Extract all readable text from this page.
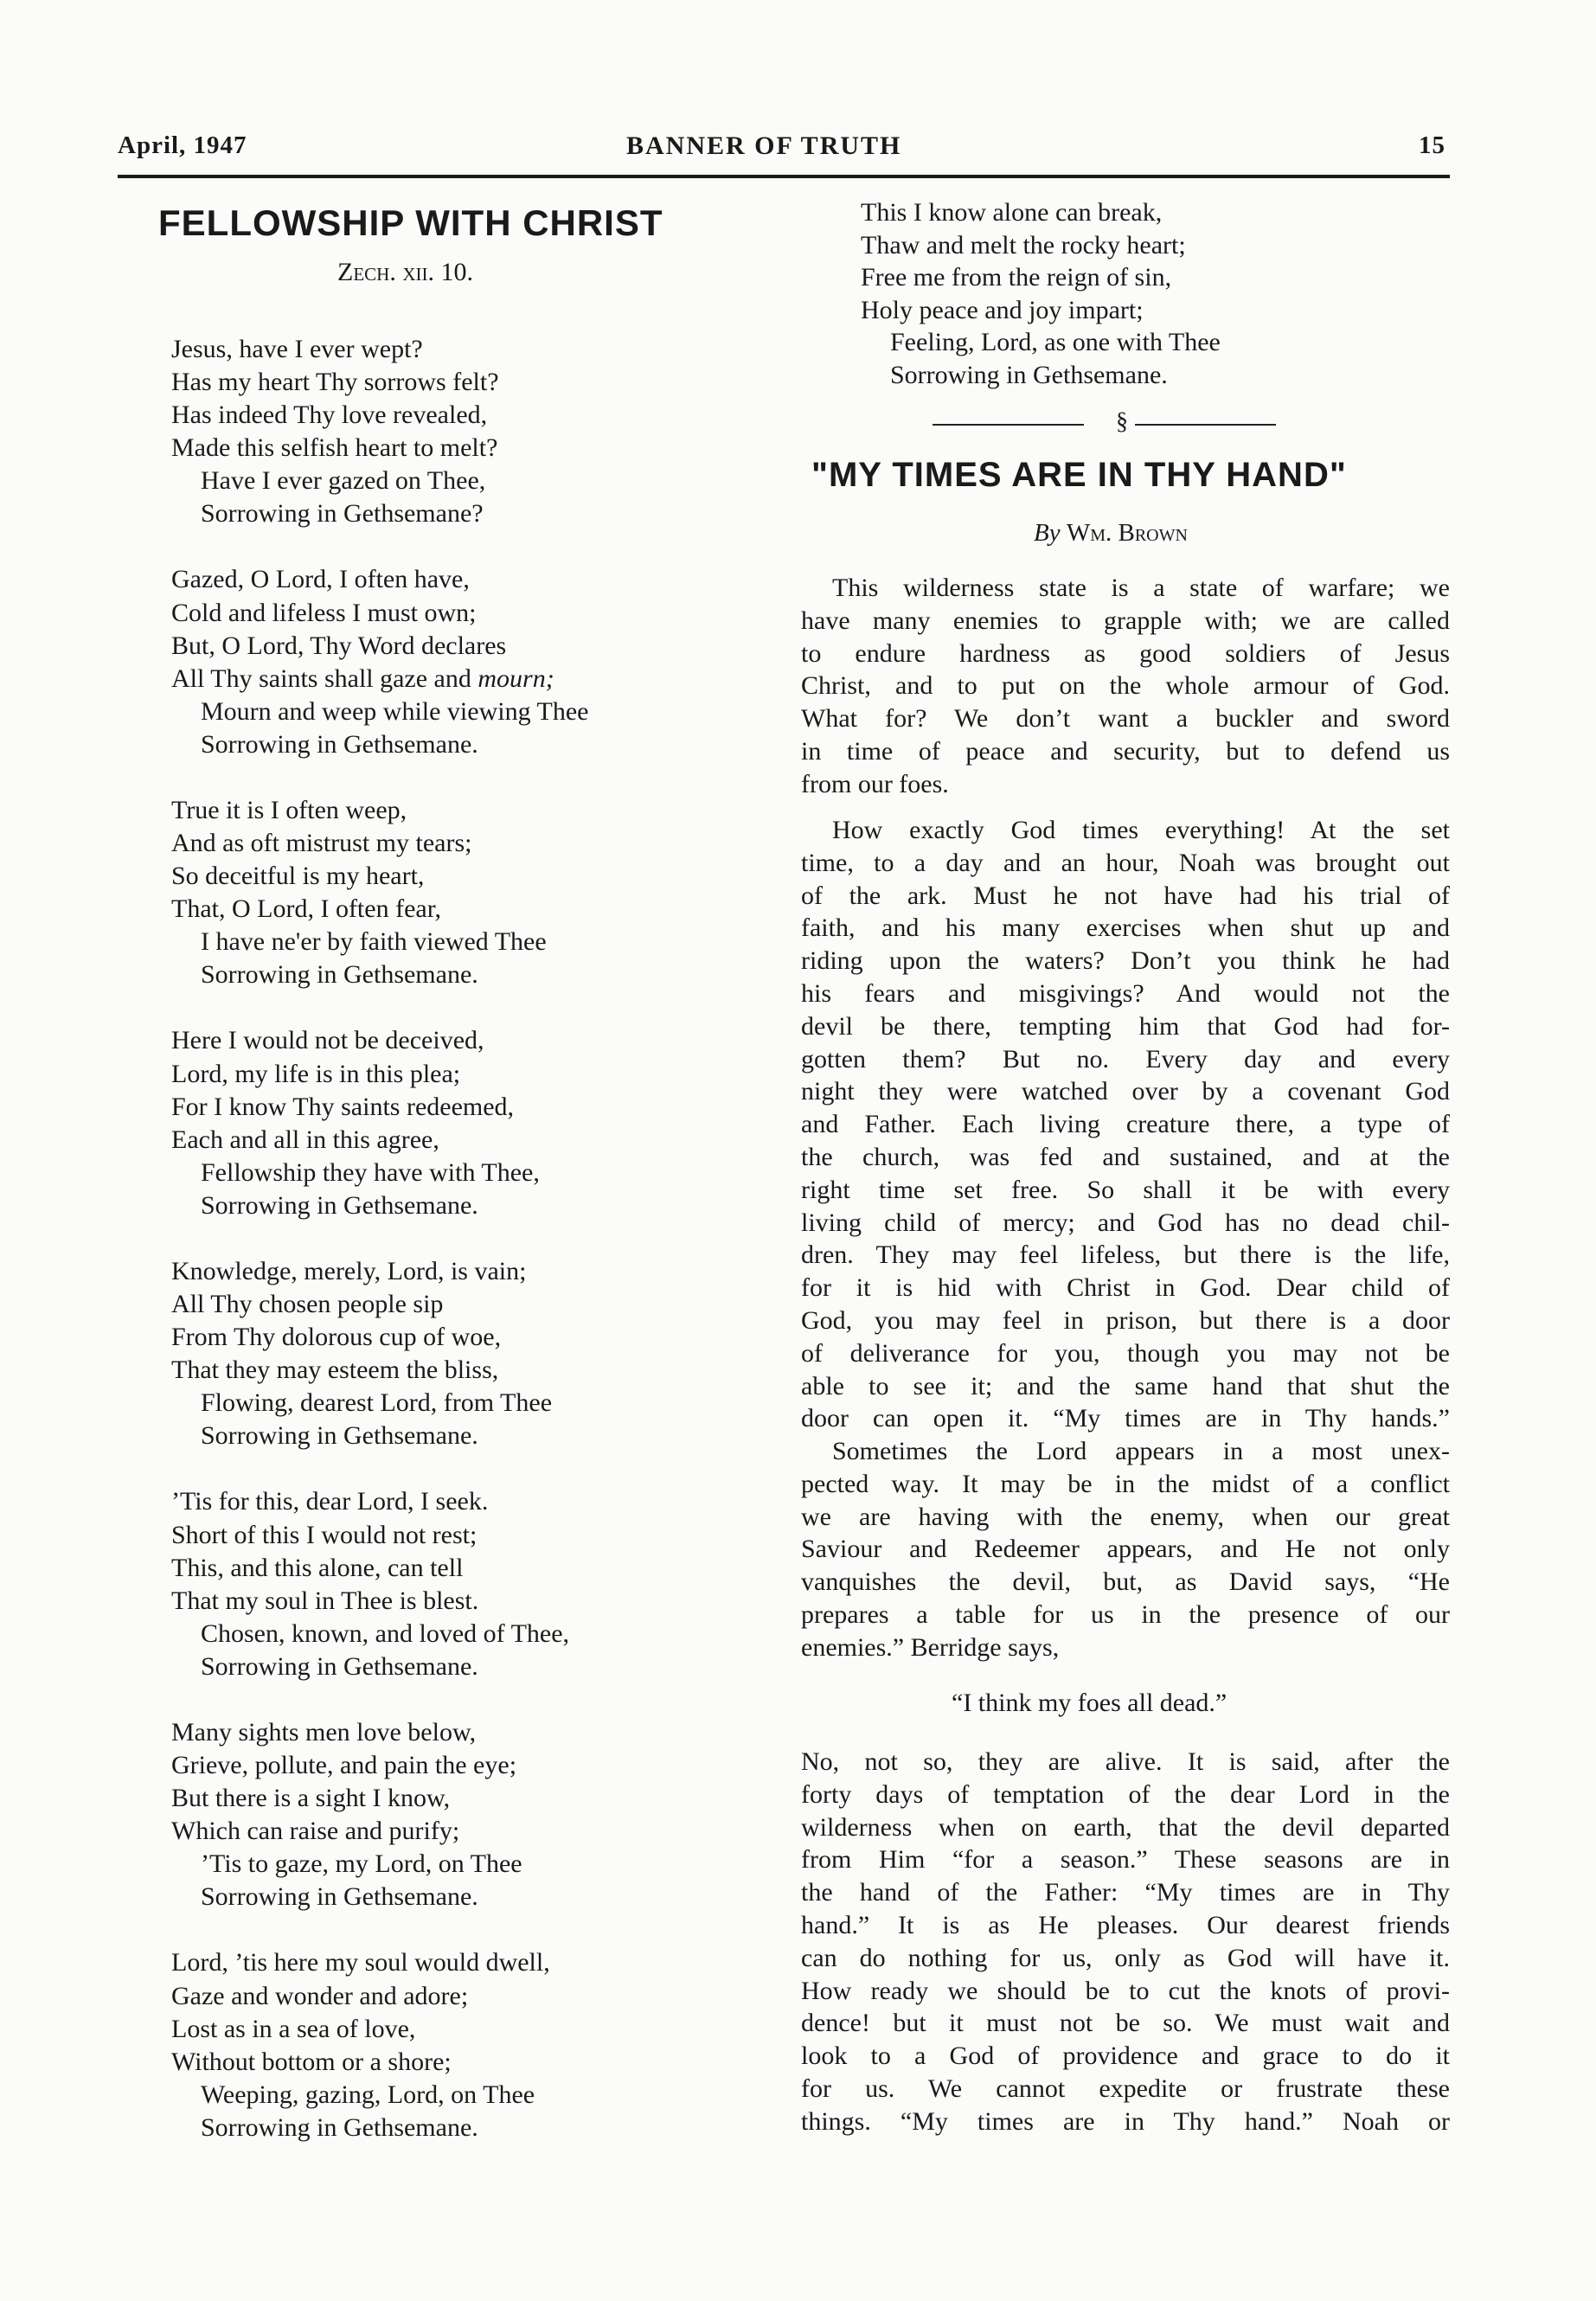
April, 1947	BANNER OF TRUTH	15
FELLOWSHIP WITH CHRIST
Zech. xii. 10.
Jesus, have I ever wept?
Has my heart Thy sorrows felt?
Has indeed Thy love revealed,
Made this selfish heart to melt?
Have I ever gazed on Thee,
Sorrowing in Gethsemane?
Gazed, O Lord, I often have,
Cold and lifeless I must own;
But, O Lord, Thy Word declares
All Thy saints shall gaze and mourn;
Mourn and weep while viewing Thee
Sorrowing in Gethsemane.
True it is I often weep,
And as oft mistrust my tears;
So deceitful is my heart,
That, O Lord, I often fear,
I have ne'er by faith viewed Thee
Sorrowing in Gethsemane.
Here I would not be deceived,
Lord, my life is in this plea;
For I know Thy saints redeemed,
Each and all in this agree,
Fellowship they have with Thee,
Sorrowing in Gethsemane.
Knowledge, merely, Lord, is vain;
All Thy chosen people sip
From Thy dolorous cup of woe,
That they may esteem the bliss,
Flowing, dearest Lord, from Thee
Sorrowing in Gethsemane.
’Tis for this, dear Lord, I seek.
Short of this I would not rest;
This, and this alone, can tell
That my soul in Thee is blest.
Chosen, known, and loved of Thee,
Sorrowing in Gethsemane.
Many sights men love below,
Grieve, pollute, and pain the eye;
But there is a sight I know,
Which can raise and purify;
’Tis to gaze, my Lord, on Thee
Sorrowing in Gethsemane.
Lord, ’tis here my soul would dwell,
Gaze and wonder and adore;
Lost as in a sea of love,
Without bottom or a shore;
Weeping, gazing, Lord, on Thee
Sorrowing in Gethsemane.
This I know alone can break,
Thaw and melt the rocky heart;
Free me from the reign of sin,
Holy peace and joy impart;
Feeling, Lord, as one with Thee
Sorrowing in Gethsemane.
§
"MY TIMES ARE IN THY HAND"
By Wm. Brown
This wilderness state is a state of warfare; we
have many enemies to grapple with; we are called
to endure hardness as good soldiers of Jesus
Christ, and to put on the whole armour of God.
What for? We don’t want a buckler and sword
in time of peace and security, but to defend us
from our foes.
How exactly God times everything! At the set
time, to a day and an hour, Noah was brought out
of the ark. Must he not have had his trial of
faith, and his many exercises when shut up and
riding upon the waters? Don’t you think he had
his fears and misgivings? And would not the
devil be there, tempting him that God had for-
gotten them? But no. Every day and every
night they were watched over by a covenant God
and Father. Each living creature there, a type of
the church, was fed and sustained, and at the
right time set free. So shall it be with every
living child of mercy; and God has no dead chil-
dren. They may feel lifeless, but there is the life,
for it is hid with Christ in God. Dear child of
God, you may feel in prison, but there is a door
of deliverance for you, though you may not be
able to see it; and the same hand that shut the
door can open it. “My times are in Thy hands.”
Sometimes the Lord appears in a most unex-
pected way. It may be in the midst of a conflict
we are having with the enemy, when our great
Saviour and Redeemer appears, and He not only
vanquishes the devil, but, as David says, “He
prepares a table for us in the presence of our
enemies.” Berridge says,
No, not so, they are alive. It is said, after the
forty days of temptation of the dear Lord in the
wilderness when on earth, that the devil departed
from Him “for a season.” These seasons are in
the hand of the Father: “My times are in Thy
hand.” It is as He pleases. Our dearest friends
can do nothing for us, only as God will have it.
How ready we should be to cut the knots of provi-
dence! but it must not be so. We must wait and
look to a God of providence and grace to do it
for us. We cannot expedite or frustrate these
things. “My times are in Thy hand.” Noah or
“I think my foes all dead.”
